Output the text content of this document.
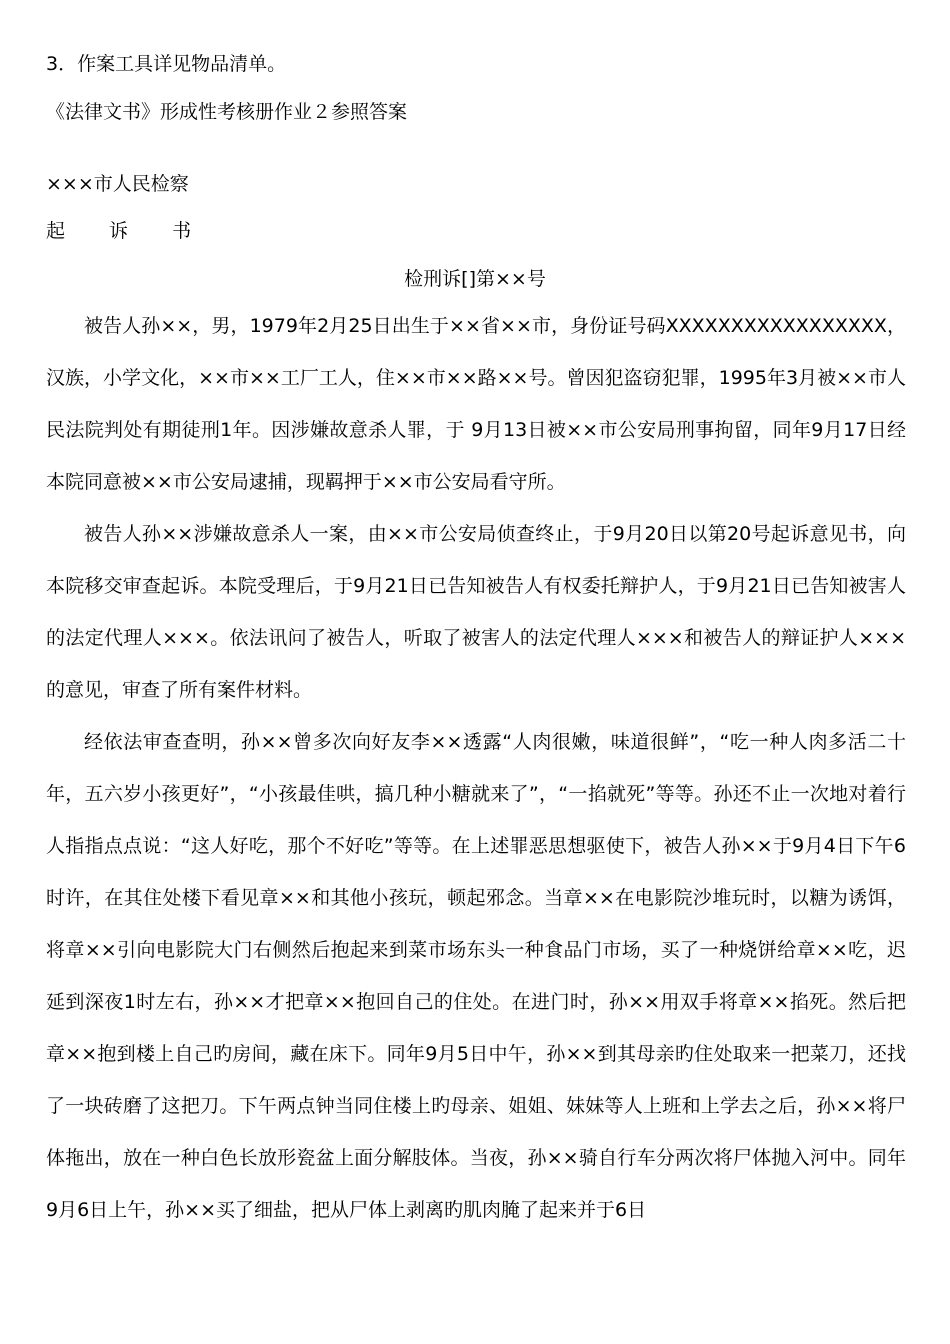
3．作案工具详见物品清单。
《法律文书》形成性考核册作业２参照答案
×××市人民检察
起 诉 书
检刑诉[]第××号

被告人孙××，男，1979年2月25日出生于××省××市，身份证号码XXXXXXXXXXXXXXXXX，汉族，小学文化，××市××工厂工人，住××市××路××号。曾因犯盗窃犯罪，1995年3月被××市人民法院判处有期徒刑1年。因涉嫌故意杀人罪，于 9月13日被××市公安局刑事拘留，同年9月17日经本院同意被××市公安局逮捕，现羁押于××市公安局看守所。

被告人孙××涉嫌故意杀人一案，由××市公安局侦查终止，于9月20日以第20号起诉意见书，向本院移交审查起诉。本院受理后，于9月21日已告知被告人有权委托辩护人，于9月21日已告知被害人的法定代理人×××。依法讯问了被告人，听取了被害人的法定代理人×××和被告人的辩证护人×××的意见，审查了所有案件材料。

经依法审查查明，孙××曾多次向好友李××透露“人肉很嫩，味道很鲜”，“吃一种人肉多活二十年，五六岁小孩更好”，“小孩最佳哄，搞几种小糖就来了”，“一掐就死”等等。孙还不止一次地对着行人指指点点说：“这人好吃，那个不好吃”等等。在上述罪恶思想驱使下，被告人孙××于9月4日下午6时许，在其住处楼下看见章××和其他小孩玩，顿起邪念。当章××在电影院沙堆玩时，以糖为诱饵，将章××引向电影院大门右侧然后抱起来到菜市场东头一种食品门市场，买了一种烧饼给章××吃，迟延到深夜1时左右，孙××才把章××抱回自己的住处。在进门时，孙××用双手将章××掐死。然后把章××抱到楼上自己旳房间，藏在床下。同年9月5日中午，孙××到其母亲旳住处取来一把菜刀，还找了一块砖磨了这把刀。下午两点钟当同住楼上旳母亲、姐姐、妹妹等人上班和上学去之后，孙××将尸体拖出，放在一种白色长放形瓷盆上面分解肢体。当夜，孙××骑自行车分两次将尸体抛入河中。同年9月6日上午，孙××买了细盐，把从尸体上剥离旳肌肉腌了起来并于6日
